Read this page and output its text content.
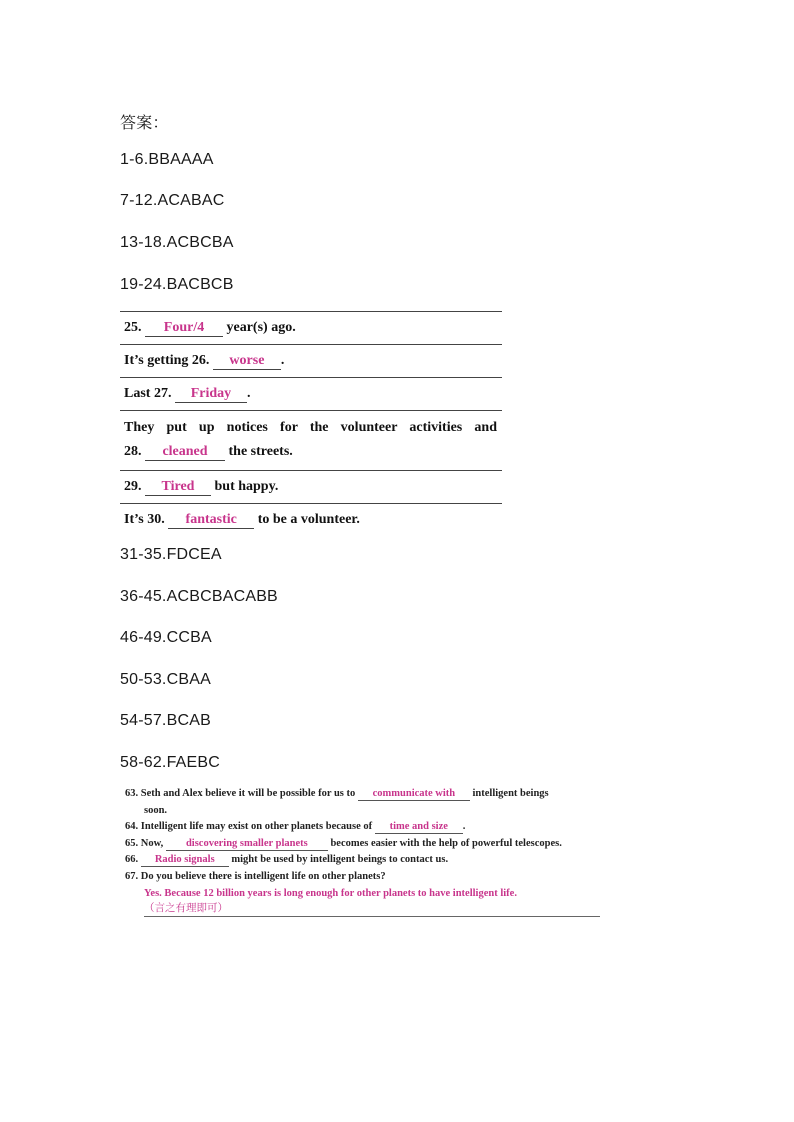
答案：
1-6.BBAAAA
7-12.ACABAC
13-18.ACBCBA
19-24.BACBCB
25. Four/4 year(s) ago.
It’s getting 26. worse .
Last 27. Friday .
They put up notices for the volunteer activities and
28. cleaned the streets.
29. Tired but happy.
It’s 30. fantastic to be a volunteer.
31-35.FDCEA
36-45.ACBCBACABB
46-49.CCBA
50-53.CBAA
54-57.BCAB
58-62.FAEBC
63. Seth and Alex believe it will be possible for us to communicate with intelligent beings
soon.
64. Intelligent life may exist on other planets because of time and size .
65. Now, discovering smaller planets becomes easier with the help of powerful telescopes.
66. Radio signals might be used by intelligent beings to contact us.
67. Do you believe there is intelligent life on other planets?
Yes. Because 12 billion years is long enough for other planets to have intelligent life.（言之有理即可）
